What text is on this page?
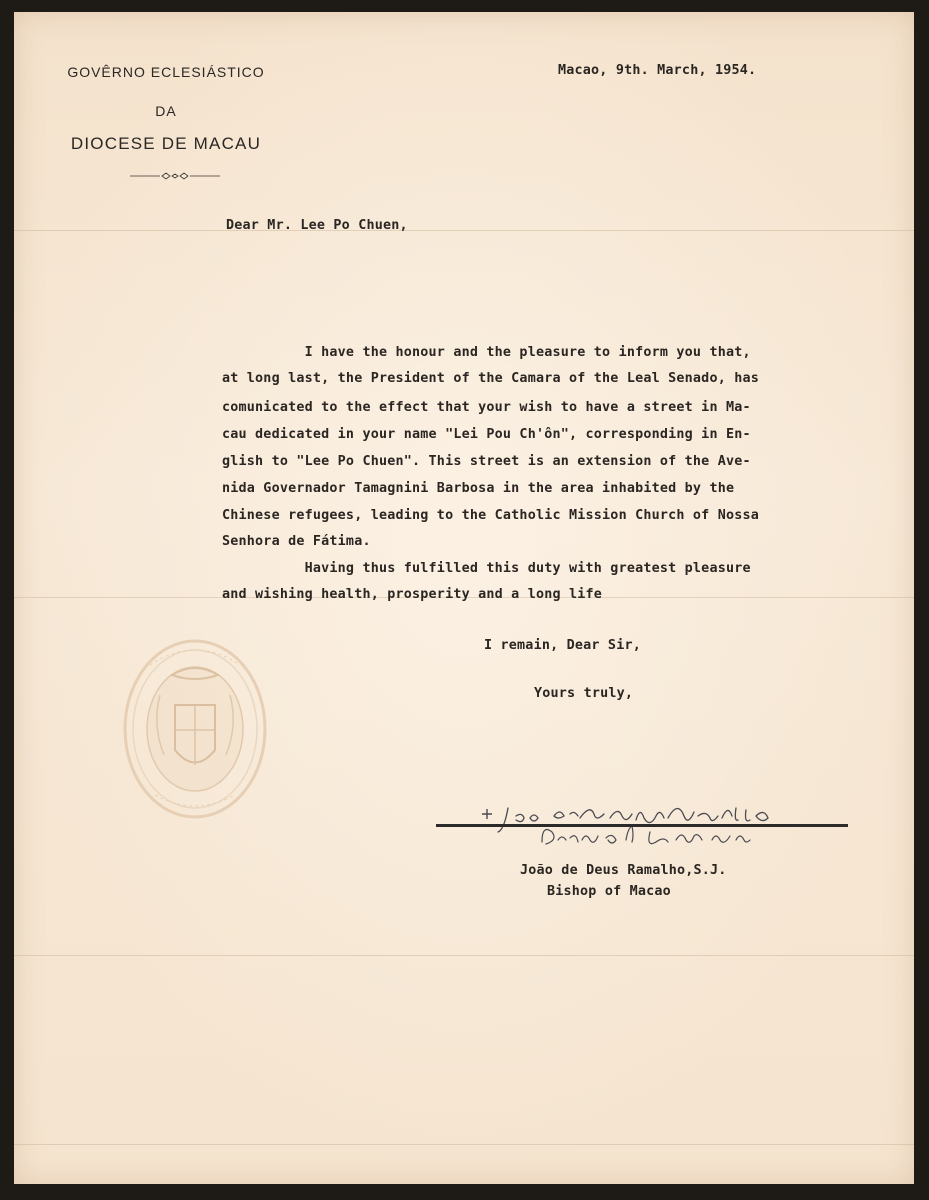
GOVÊRNO ECLESIÁSTICO
DA
DIOCESE DE MACAU
Macao, 9th. March, 1954.
Dear Mr. Lee Po Chuen,
I have the honour and the pleasure to inform you that,
at long last, the President of the Camara of the Leal Senado, has
comunicated to the effect that your wish to have a street in Ma-
cau dedicated in your name "Lei Pou Ch'ôn", corresponding in En-
glish to "Lee Po Chuen". This street is an extension of the Ave-
nida Governador Tamagnini Barbosa in the area inhabited by the
Chinese refugees, leading to the Catholic Mission Church of Nossa
Senhora de Fátima.
Having thus fulfilled this duty with greatest pleasure
and wishing health, prosperity and a long life
I remain, Dear Sir,
Yours truly,
+ João de Deus Ramalho
João de Deus Ramalho,S.J.
Bishop of Macao
